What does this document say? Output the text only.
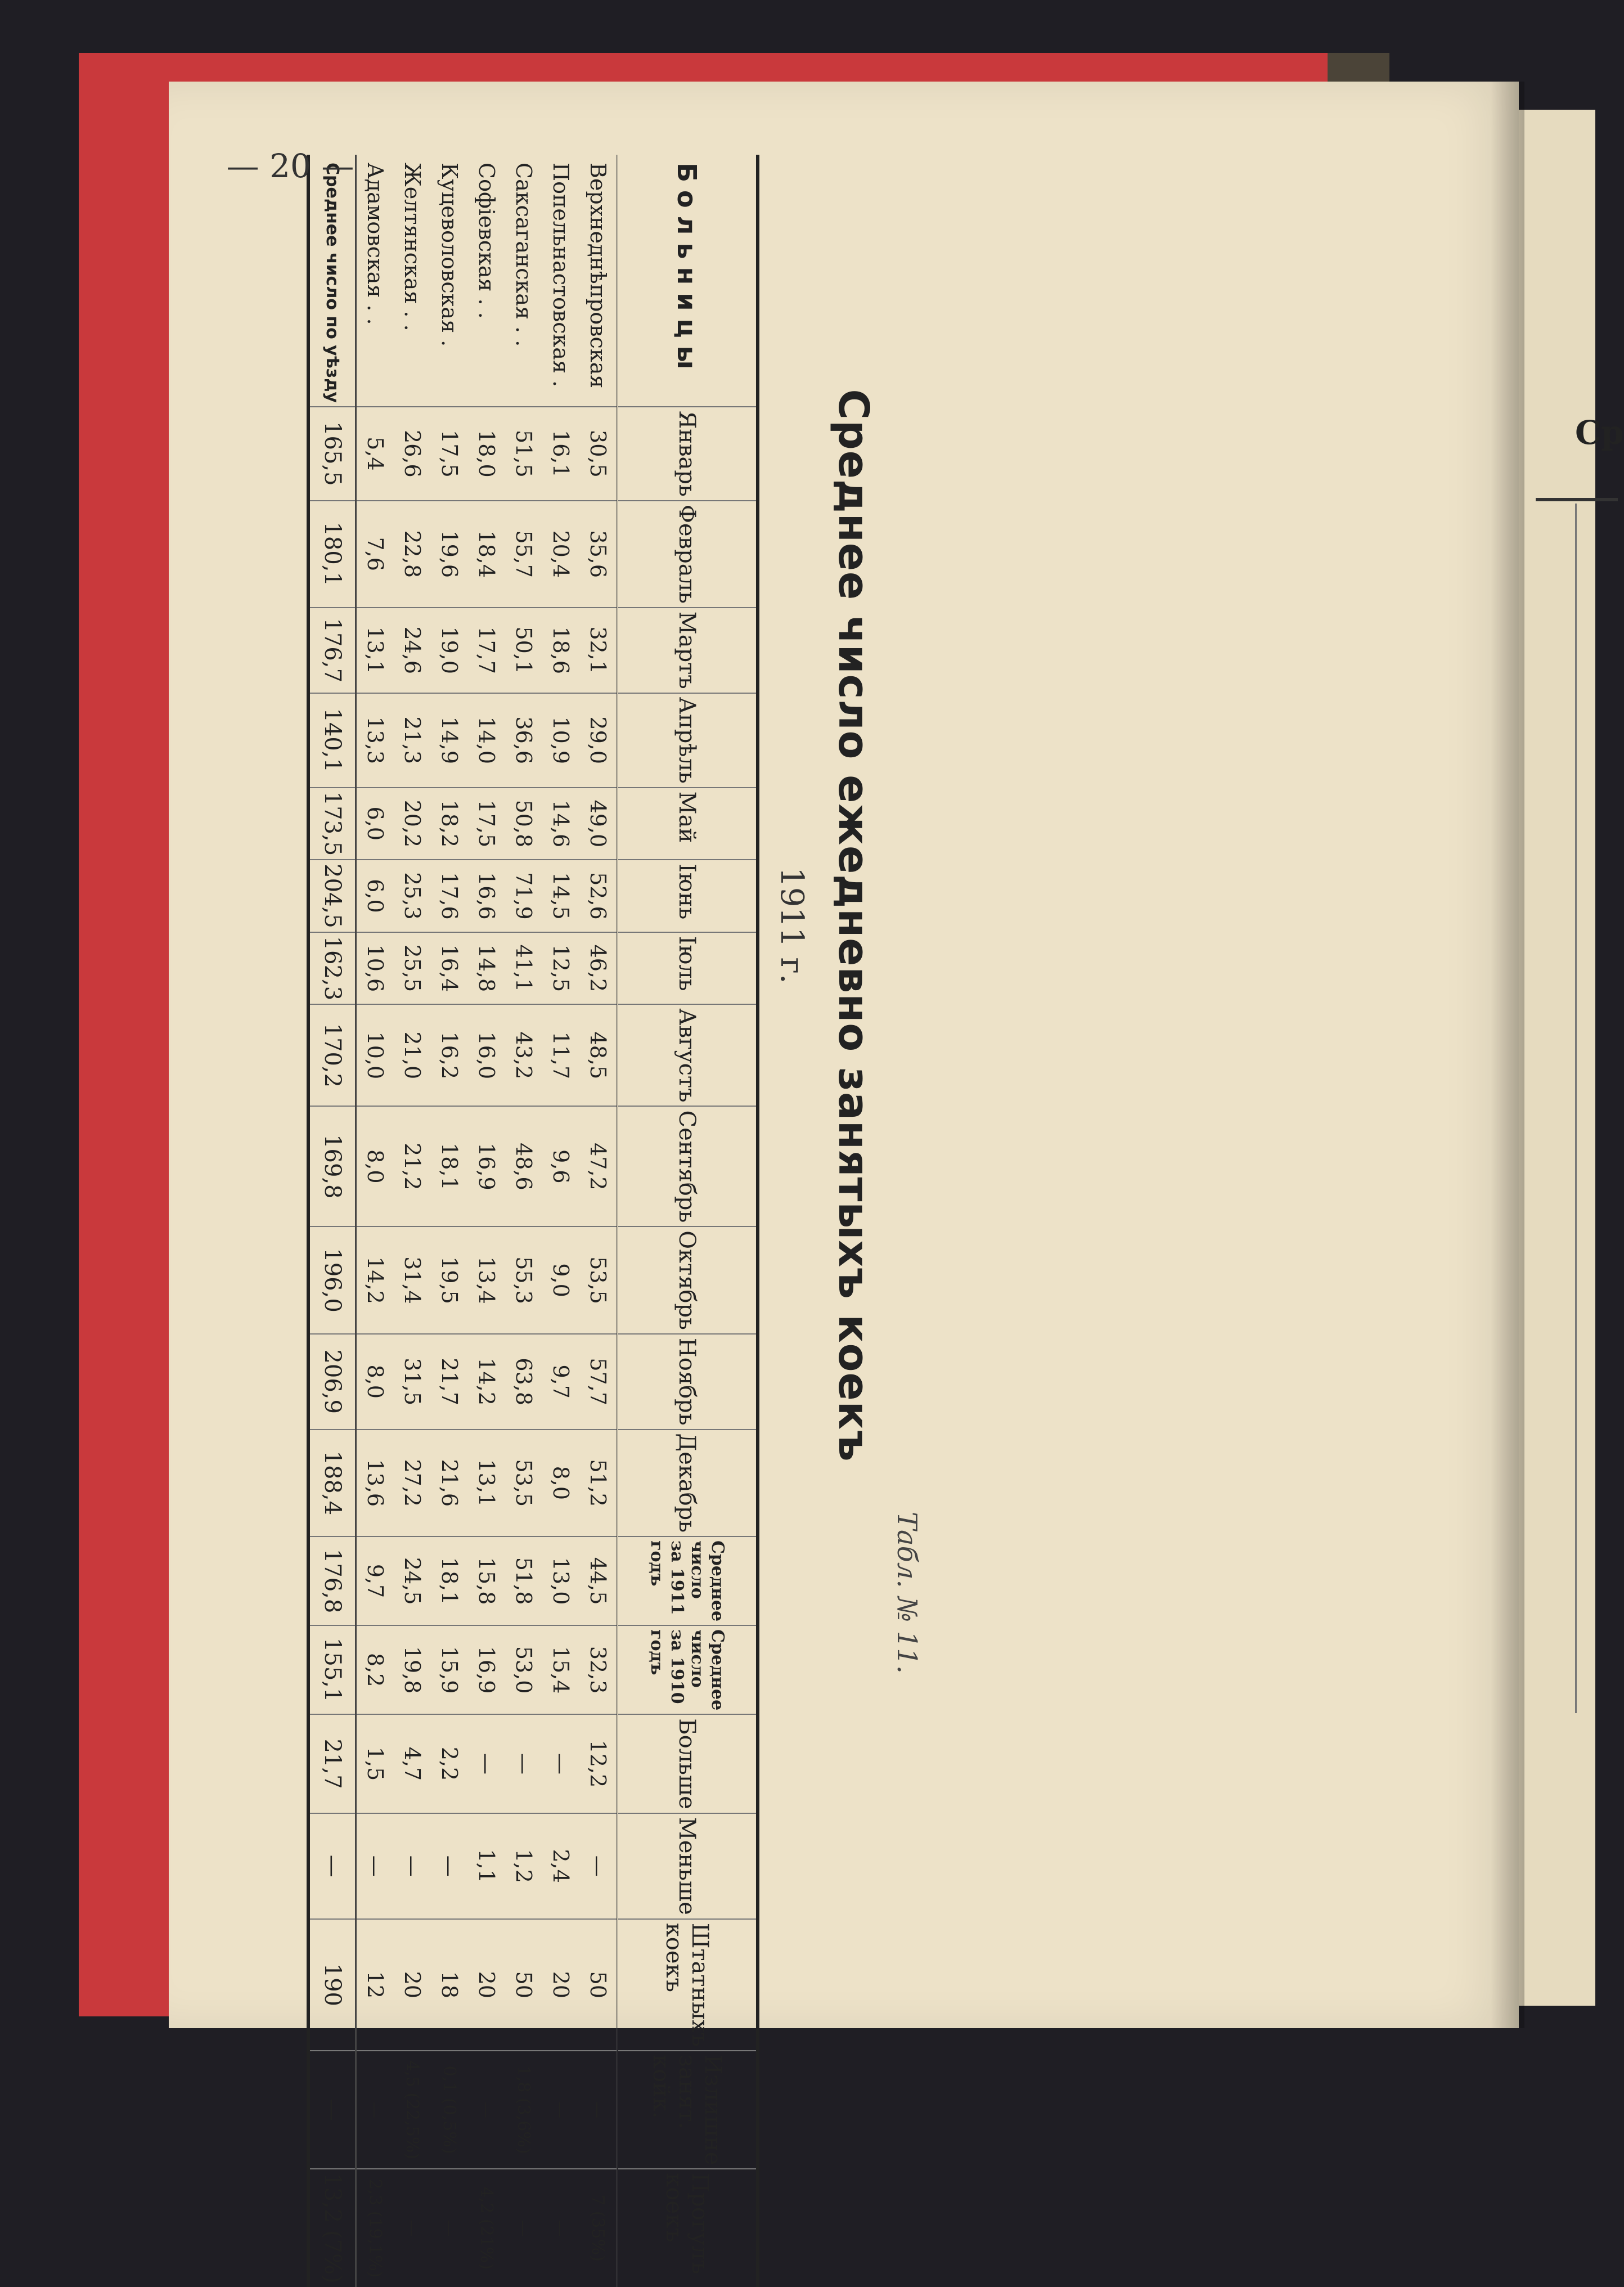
Ср
Табл. № 11.
Среднее число ежедневно занятыхъ коекъ
1911 г.
Больницы	Январь	Февраль	Мартъ	Апрѣль	Май	Іюнь	Іюль	Августъ	Сентябрь	Октябрь	Ноябрь	Декабрь	Среднее число за 1911 годъ	Среднее число за 1910 годъ	Больше	Меньше	Штатныхъ коекъ	Излишне занят. койк.	Прогулъ коекъ
Верхнеднѣпровская	30,5	35,6	32,1	29,0	49,0	52,6	46,2	48,5	47,2	53,5	57,7	51,2	44,5	32,3	12,2	—	50	—	7 (35%)
Попельнастовская .	16,1	20,4	18,6	10,9	14,6	14,5	12,5	11,7	9,6	9,0	9,7	8,0	13,0	15,4	—	2,4	20	—	—
Саксаганская . .	51,5	55,7	50,1	36,6	50,8	71,9	41,1	43,2	48,6	55,3	63,8	53,5	51,8	53,0	—	1,2	50	1,8 (3,6%)	—
Софіевская . .	18,0	18,4	17,7	14,0	17,5	16,6	14,8	16,0	16,9	13,4	14,2	13,1	15,8	16,9	—	1,1	20	—	4,2 (21%)
Куцеволовская .	17,5	19,6	19,0	14,9	18,2	17,6	16,4	16,2	18,1	19,5	21,7	21,6	18,1	15,9	2,2	—	18	0,1 (0,5%)	—
Желтянская . .	26,6	22,8	24,6	21,3	20,2	25,3	25,5	21,0	21,2	31,4	31,5	27,2	24,5	19,8	4,7	—	20	4,5 (22,5%)	—
Адамовская . .	5,4	7,6	13,1	13,3	6,0	6,0	10,6	10,0	8,0	14,2	8,0	13,6	9,7	8,2	1,5	—	12	—	2,3 (19,1%)
Среднее число по уѣзду	165,5	180,1	176,7	140,1	173,5	204,5	162,3	170,2	169,8	196,0	206,9	188,4	176,8	155,1	21,7	—	190	—	13,2 (7%)
— 20 —
